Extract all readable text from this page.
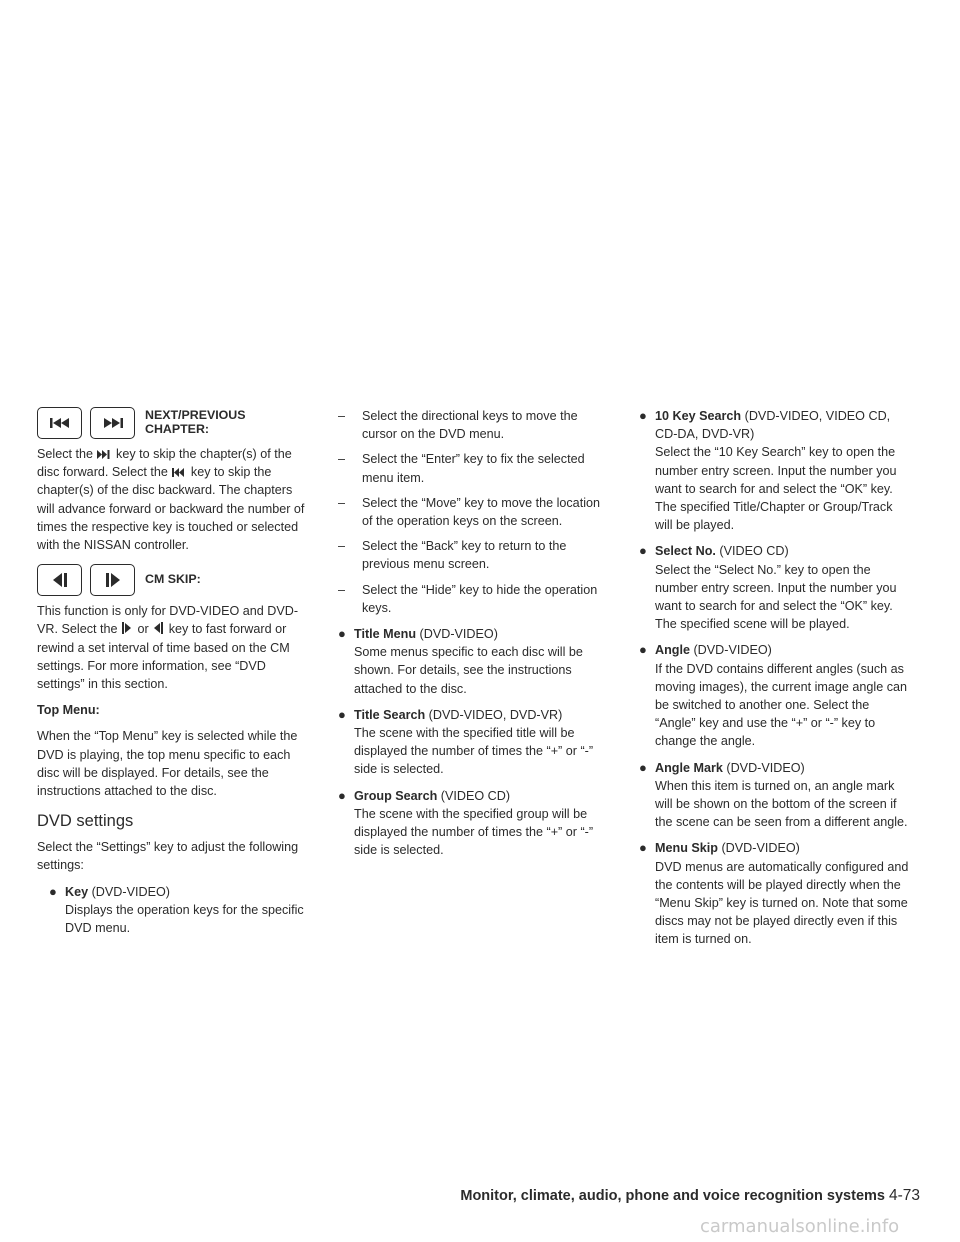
NEXT/PREVIOUS CHAPTER:

Select the key to skip the chapter(s) of the disc forward. Select the key to skip the chapter(s) of the disc backward. The chapters will advance forward or backward the number of times the respective key is touched or selected with the NISSAN controller.

CM SKIP:

This function is only for DVD-VIDEO and DVD-VR. Select the or key to fast forward or rewind a set interval of time based on the CM settings. For more information, see “DVD settings” in this section.

Top Menu:

When the “Top Menu” key is selected while the DVD is playing, the top menu specific to each disc will be displayed. For details, see the instructions attached to the disc.

DVD settings

Select the “Settings” key to adjust the following settings:

● Key (DVD-VIDEO)
Displays the operation keys for the specific DVD menu.
– Select the directional keys to move the cursor on the DVD menu.
– Select the “Enter” key to fix the selected menu item.
– Select the “Move” key to move the location of the operation keys on the screen.
– Select the “Back” key to return to the previous menu screen.
– Select the “Hide” key to hide the operation keys.
● Title Menu (DVD-VIDEO)
Some menus specific to each disc will be shown. For details, see the instructions attached to the disc.
● Title Search (DVD-VIDEO, DVD-VR)
The scene with the specified title will be displayed the number of times the “+” or “-” side is selected.
● Group Search (VIDEO CD)
The scene with the specified group will be displayed the number of times the “+” or “-” side is selected.
● 10 Key Search (DVD-VIDEO, VIDEO CD, CD-DA, DVD-VR)
Select the “10 Key Search” key to open the number entry screen. Input the number you want to search for and select the “OK” key. The specified Title/Chapter or Group/Track will be played.
● Select No. (VIDEO CD)
Select the “Select No.” key to open the number entry screen. Input the number you want to search for and select the “OK” key. The specified scene will be played.
● Angle (DVD-VIDEO)
If the DVD contains different angles (such as moving images), the current image angle can be switched to another one. Select the “Angle” key and use the “+” or “-” key to change the angle.
● Angle Mark (DVD-VIDEO)
When this item is turned on, an angle mark will be shown on the bottom of the screen if the scene can be seen from a different angle.
● Menu Skip (DVD-VIDEO)
DVD menus are automatically configured and the contents will be played directly when the “Menu Skip” key is turned on. Note that some discs may not be played directly even if this item is turned on.
Monitor, climate, audio, phone and voice recognition systems 4-73
carmanualsonline.info
